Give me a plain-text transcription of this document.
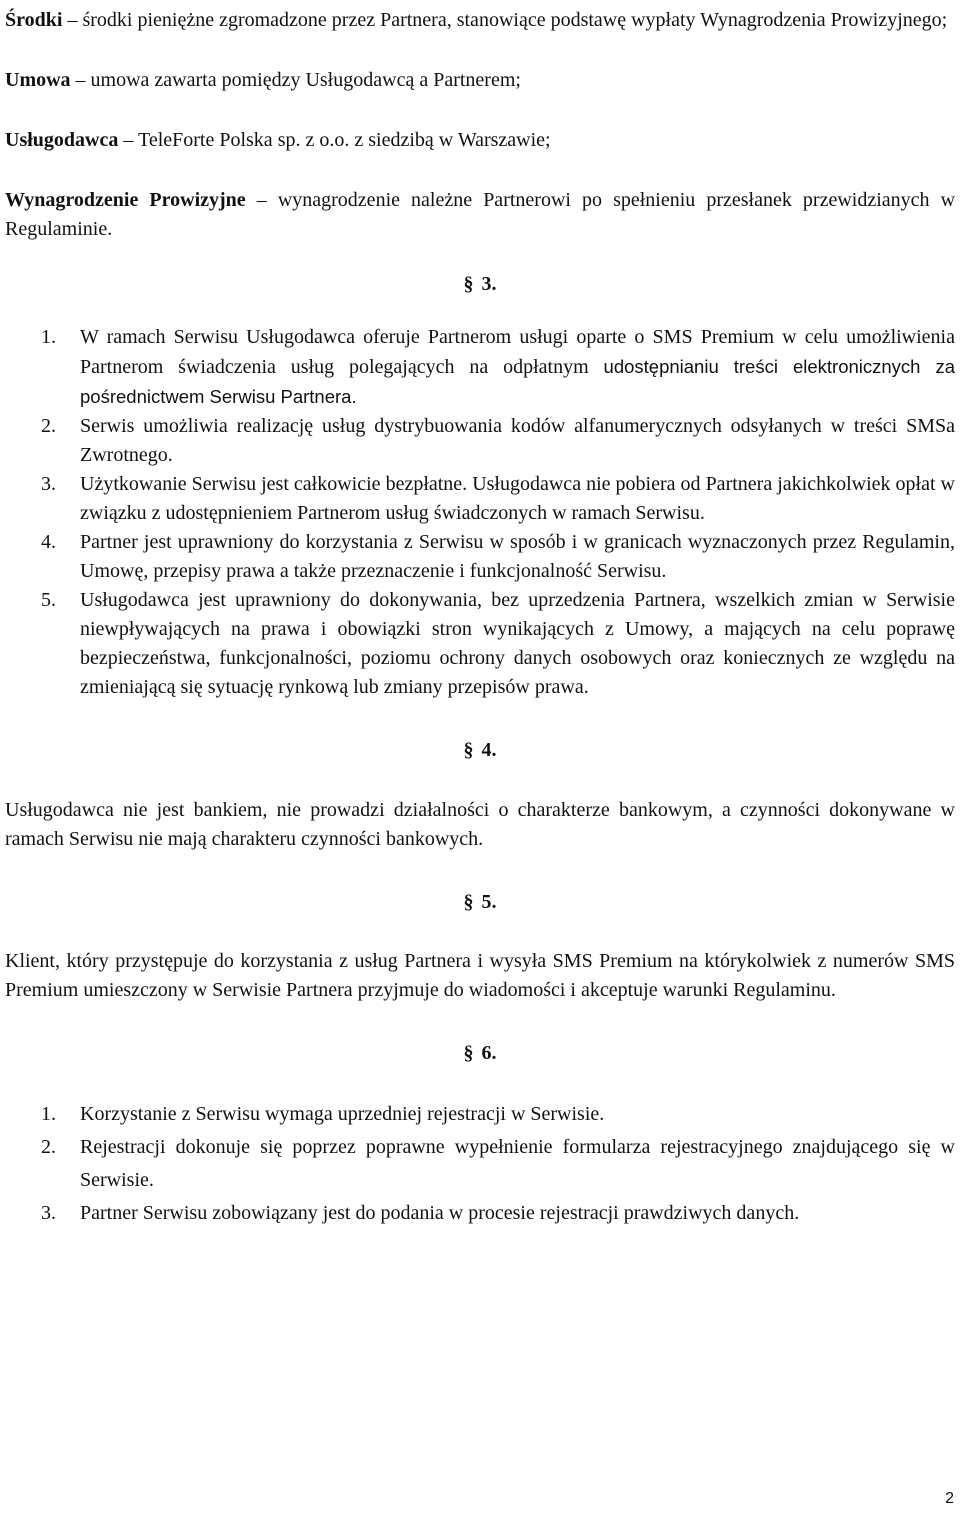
Środki – środki pieniężne zgromadzone przez Partnera, stanowiące podstawę wypłaty Wynagrodzenia Prowizyjnego;

Umowa – umowa zawarta pomiędzy Usługodawcą a Partnerem;

Usługodawca – TeleForte Polska sp. z o.o. z siedzibą w Warszawie;

Wynagrodzenie Prowizyjne – wynagrodzenie należne Partnerowi po spełnieniu przesłanek przewidzianych w Regulaminie.

§ 3.

1. W ramach Serwisu Usługodawca oferuje Partnerom usługi oparte o SMS Premium w celu umożliwienia Partnerom świadczenia usług polegających na odpłatnym udostępnianiu treści elektronicznych za pośrednictwem Serwisu Partnera.
2. Serwis umożliwia realizację usług dystrybuowania kodów alfanumerycznych odsyłanych w treści SMSa Zwrotnego.
3. Użytkowanie Serwisu jest całkowicie bezpłatne. Usługodawca nie pobiera od Partnera jakichkolwiek opłat w związku z udostępnieniem Partnerom usług świadczonych w ramach Serwisu.
4. Partner jest uprawniony do korzystania z Serwisu w sposób i w granicach wyznaczonych przez Regulamin, Umowę, przepisy prawa a także przeznaczenie i funkcjonalność Serwisu.
5. Usługodawca jest uprawniony do dokonywania, bez uprzedzenia Partnera, wszelkich zmian w Serwisie niewpływających na prawa i obowiązki stron wynikających z Umowy, a mających na celu poprawę bezpieczeństwa, funkcjonalności, poziomu ochrony danych osobowych oraz koniecznych ze względu na zmieniającą się sytuację rynkową lub zmiany przepisów prawa.

§ 4.

Usługodawca nie jest bankiem, nie prowadzi działalności o charakterze bankowym, a czynności dokonywane w ramach Serwisu nie mają charakteru czynności bankowych.

§ 5.

Klient, który przystępuje do korzystania z usług Partnera i wysyła SMS Premium na którykolwiek z numerów SMS Premium umieszczony w Serwisie Partnera przyjmuje do wiadomości i akceptuje warunki Regulaminu.

§ 6.

1. Korzystanie z Serwisu wymaga uprzedniej rejestracji w Serwisie.
2. Rejestracji dokonuje się poprzez poprawne wypełnienie formularza rejestracyjnego znajdującego się w Serwisie.
3. Partner Serwisu zobowiązany jest do podania w procesie rejestracji prawdziwych danych.
2
